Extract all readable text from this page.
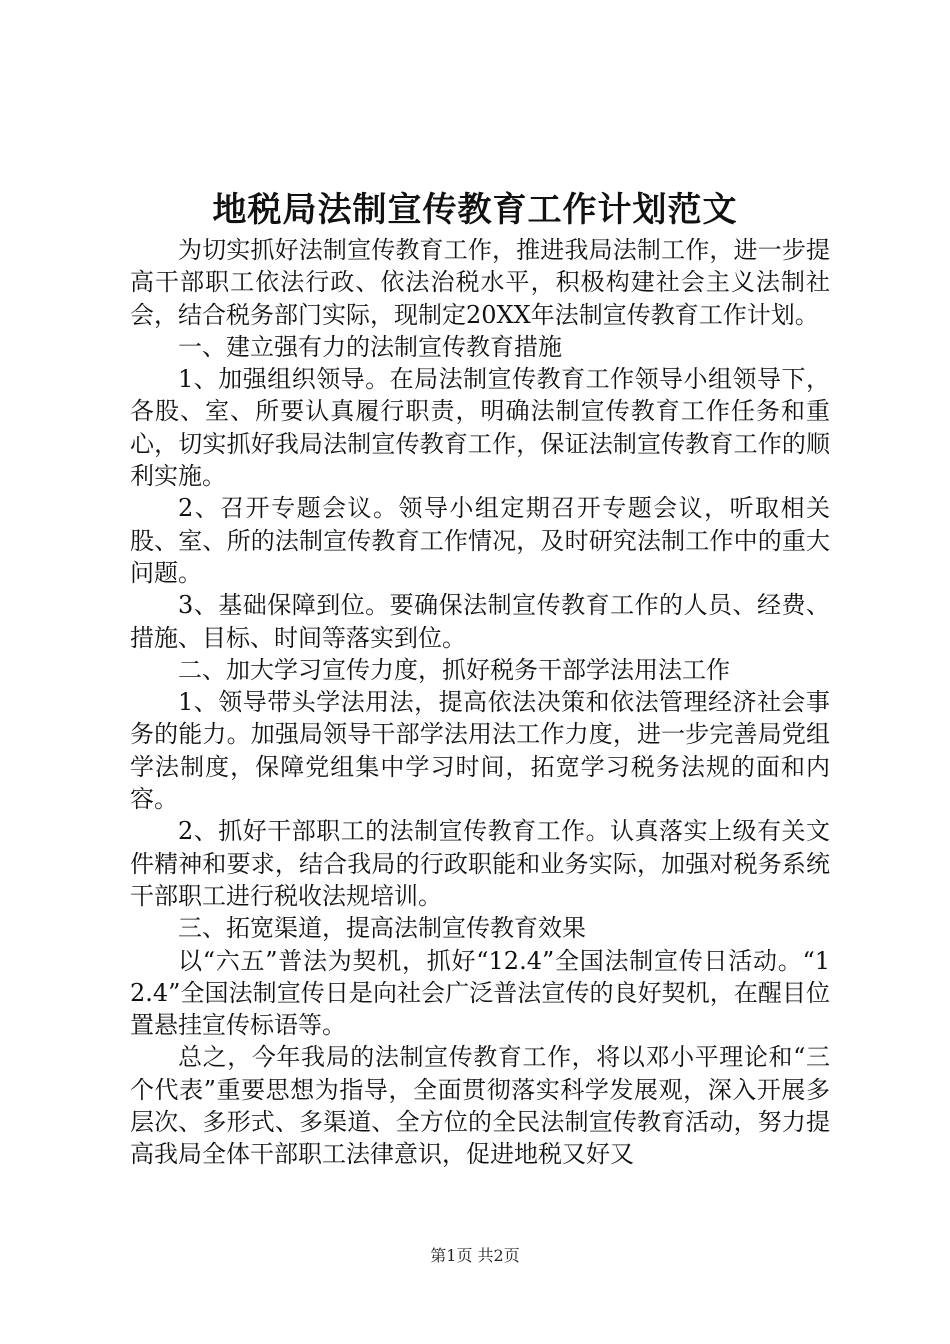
地税局法制宣传教育工作计划范文

为切实抓好法制宣传教育工作，推进我局法制工作，进一步提高干部职工依法行政、依法治税水平，积极构建社会主义法制社会，结合税务部门实际，现制定20XX年法制宣传教育工作计划。

一、建立强有力的法制宣传教育措施

1、加强组织领导。在局法制宣传教育工作领导小组领导下，各股、室、所要认真履行职责，明确法制宣传教育工作任务和重心，切实抓好我局法制宣传教育工作，保证法制宣传教育工作的顺利实施。

2、召开专题会议。领导小组定期召开专题会议，听取相关股、室、所的法制宣传教育工作情况，及时研究法制工作中的重大问题。

3、基础保障到位。要确保法制宣传教育工作的人员、经费、措施、目标、时间等落实到位。

二、加大学习宣传力度，抓好税务干部学法用法工作

1、领导带头学法用法，提高依法决策和依法管理经济社会事务的能力。加强局领导干部学法用法工作力度，进一步完善局党组学法制度，保障党组集中学习时间，拓宽学习税务法规的面和内容。

2、抓好干部职工的法制宣传教育工作。认真落实上级有关文件精神和要求，结合我局的行政职能和业务实际，加强对税务系统干部职工进行税收法规培训。

三、拓宽渠道，提高法制宣传教育效果

以“六五”普法为契机，抓好“12.4”全国法制宣传日活动。“12.4”全国法制宣传日是向社会广泛普法宣传的良好契机，在醒目位置悬挂宣传标语等。

总之，今年我局的法制宣传教育工作，将以邓小平理论和“三个代表”重要思想为指导，全面贯彻落实科学发展观，深入开展多层次、多形式、多渠道、全方位的全民法制宣传教育活动，努力提高我局全体干部职工法律意识，促进地税又好又

第1页 共2页
